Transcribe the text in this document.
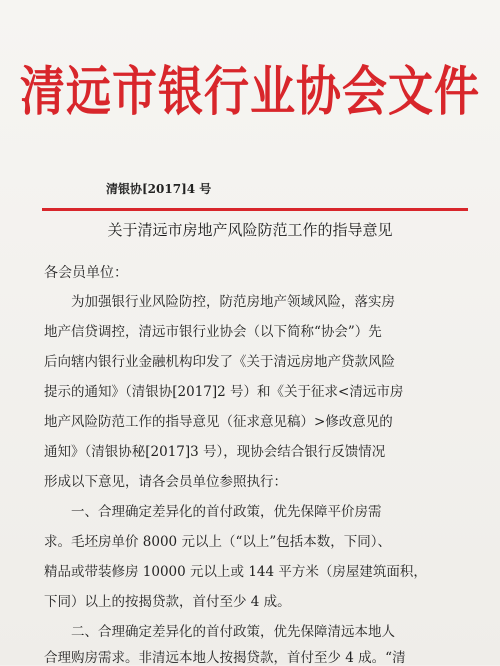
清远市银行业协会文件
清银协[2017]4 号
关于清远市房地产风险防范工作的指导意见
各会员单位：
为加强银行业风险防控，防范房地产领域风险，落实房
地产信贷调控，清远市银行业协会（以下简称“协会”）先
后向辖内银行业金融机构印发了《关于清远房地产贷款风险
提示的通知》（清银协[2017]2 号）和《关于征求<清远市房
地产风险防范工作的指导意见（征求意见稿）>修改意见的
通知》（清银协秘[2017]3 号），现协会结合银行反馈情况
形成以下意见，请各会员单位参照执行：
一、合理确定差异化的首付政策，优先保障平价房需
求。毛坯房单价 8000 元以上（“以上”包括本数，下同）、
精品或带装修房 10000 元以上或 144 平方米（房屋建筑面积，
下同）以上的按揭贷款，首付至少 4 成。
二、合理确定差异化的首付政策，优先保障清远本地人
合理购房需求。非清远本地人按揭贷款，首付至少 4 成。“清
